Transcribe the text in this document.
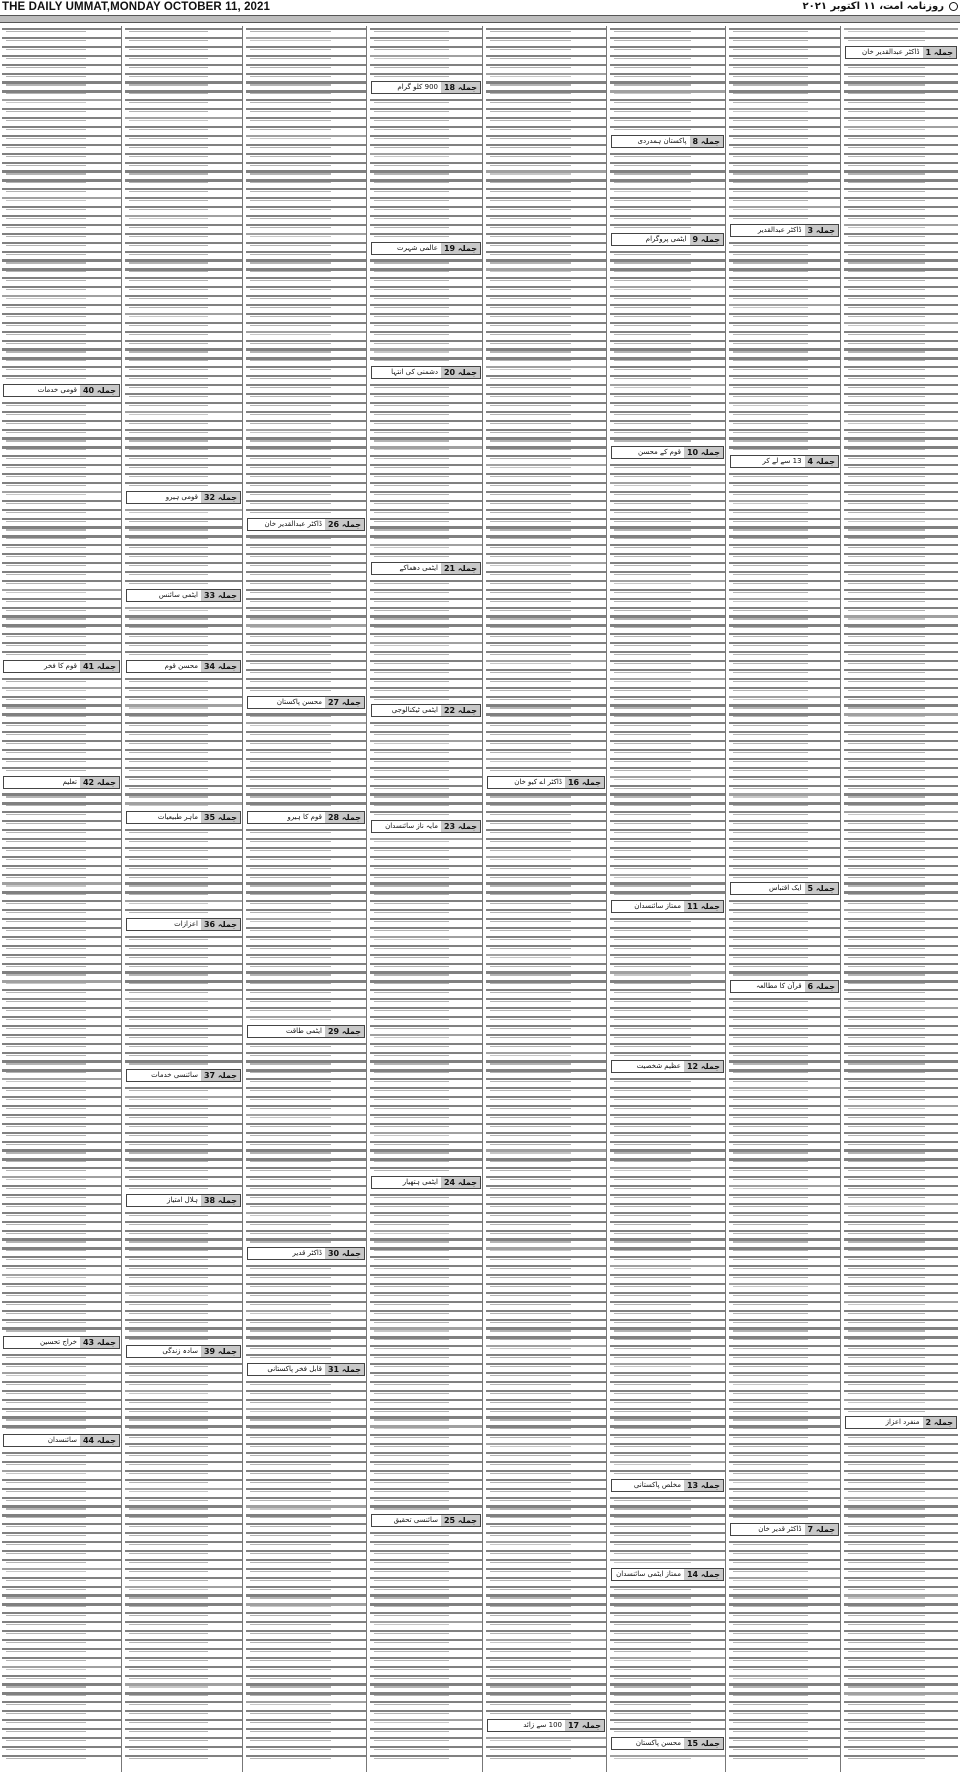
THE DAILY UMMAT,MONDAY OCTOBER 11, 2021	روزنامہ امت، ١١ اکتوبر ٢٠٢١
جملہ 1
ڈاکٹر عبدالقدیر خان
جملہ 2
منفرد اعزاز
جملہ 3
ڈاکٹر عبدالقدیر
جملہ 4
13 سے لے کر
جملہ 5
ایک اقتباس
جملہ 6
قرآن کا مطالعہ
جملہ 7
ڈاکٹر قدیر خان
جملہ 8
پاکستان ہمدردی
جملہ 9
ایٹمی پروگرام
جملہ 10
قوم کے محسن
جملہ 11
ممتاز سائنسدان
جملہ 12
عظیم شخصیت
جملہ 13
مخلص پاکستانی
جملہ 14
ممتاز ایٹمی سائنسدان
جملہ 15
محسن پاکستان
جملہ 16
ڈاکٹر اے کیو خان
جملہ 17
100 سے زائد
جملہ 18
900 کلو گرام
جملہ 19
عالمی شہرت
جملہ 20
دشمنی کی انتہا
جملہ 21
ایٹمی دھماکے
جملہ 22
ایٹمی ٹیکنالوجی
جملہ 23
مایہ ناز سائنسدان
جملہ 24
ایٹمی ہتھیار
جملہ 25
سائنسی تحقیق
جملہ 26
ڈاکٹر عبدالقدیر خان
جملہ 27
محسن پاکستان
جملہ 28
قوم کا ہیرو
جملہ 29
ایٹمی طاقت
جملہ 30
ڈاکٹر قدیر
جملہ 31
قابل فخر پاکستانی
جملہ 32
قومی ہیرو
جملہ 33
ایٹمی سائنس
جملہ 34
محسن قوم
جملہ 35
ماہر طبیعیات
جملہ 36
اعزازات
جملہ 37
سائنسی خدمات
جملہ 38
ہلال امتیاز
جملہ 39
سادہ زندگی
جملہ 40
قومی خدمات
جملہ 41
قوم کا فخر
جملہ 42
تعلیم
جملہ 43
خراج تحسین
جملہ 44
سائنسدان
